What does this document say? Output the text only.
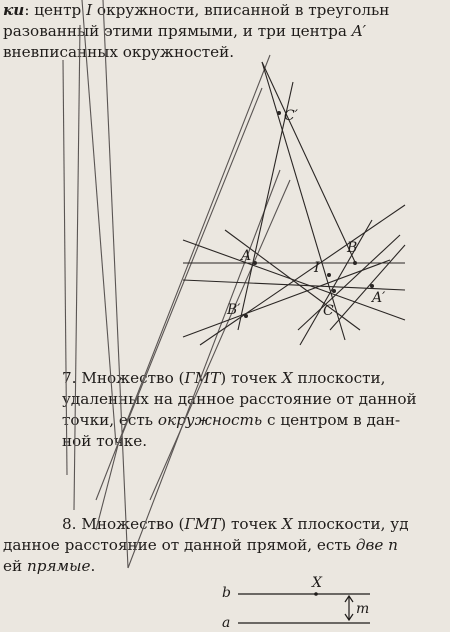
ки: центр I окружности, вписанной в треугольн
разованный этими прямыми, и три центра A′
вневписанных окружностей.
7. Множество (ГМТ) точек X плоскости,
удаленных на данное расстояние от данной
точки, есть окружность с центром в дан-
ной точке.
8. Множество (ГМТ) точек X плоскости, уд
данное расстояние от данной прямой, есть две п
ей прямые.
C′
A	B
I
A′
C
B′
b
a
X
m
